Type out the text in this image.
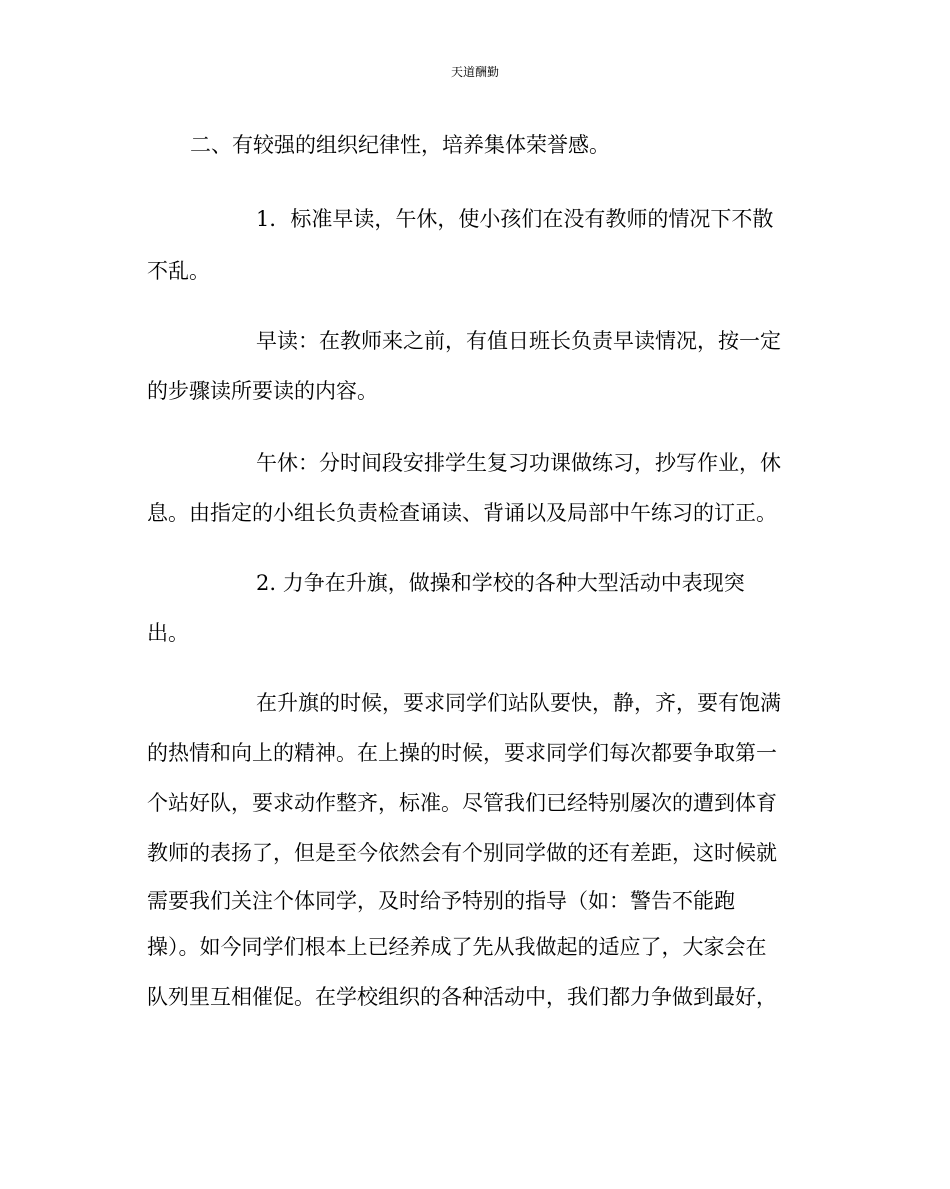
天道酬勤
二、有较强的组织纪律性，培养集体荣誉感。
1．标准早读，午休，使小孩们在没有教师的情况下不散
不乱。
早读：在教师来之前，有值日班长负责早读情况，按一定
的步骤读所要读的内容。
午休：分时间段安排学生复习功课做练习，抄写作业，休
息。由指定的小组长负责检查诵读、背诵以及局部中午练习的订正。
2. 力争在升旗，做操和学校的各种大型活动中表现突
出。
在升旗的时候，要求同学们站队要快，静，齐，要有饱满
的热情和向上的精神。在上操的时候，要求同学们每次都要争取第一
个站好队，要求动作整齐，标准。尽管我们已经特别屡次的遭到体育
教师的表扬了，但是至今依然会有个别同学做的还有差距，这时候就
需要我们关注个体同学，及时给予特别的指导（如：警告不能跑
操）。如今同学们根本上已经养成了先从我做起的适应了，大家会在
队列里互相催促。在学校组织的各种活动中，我们都力争做到最好，
